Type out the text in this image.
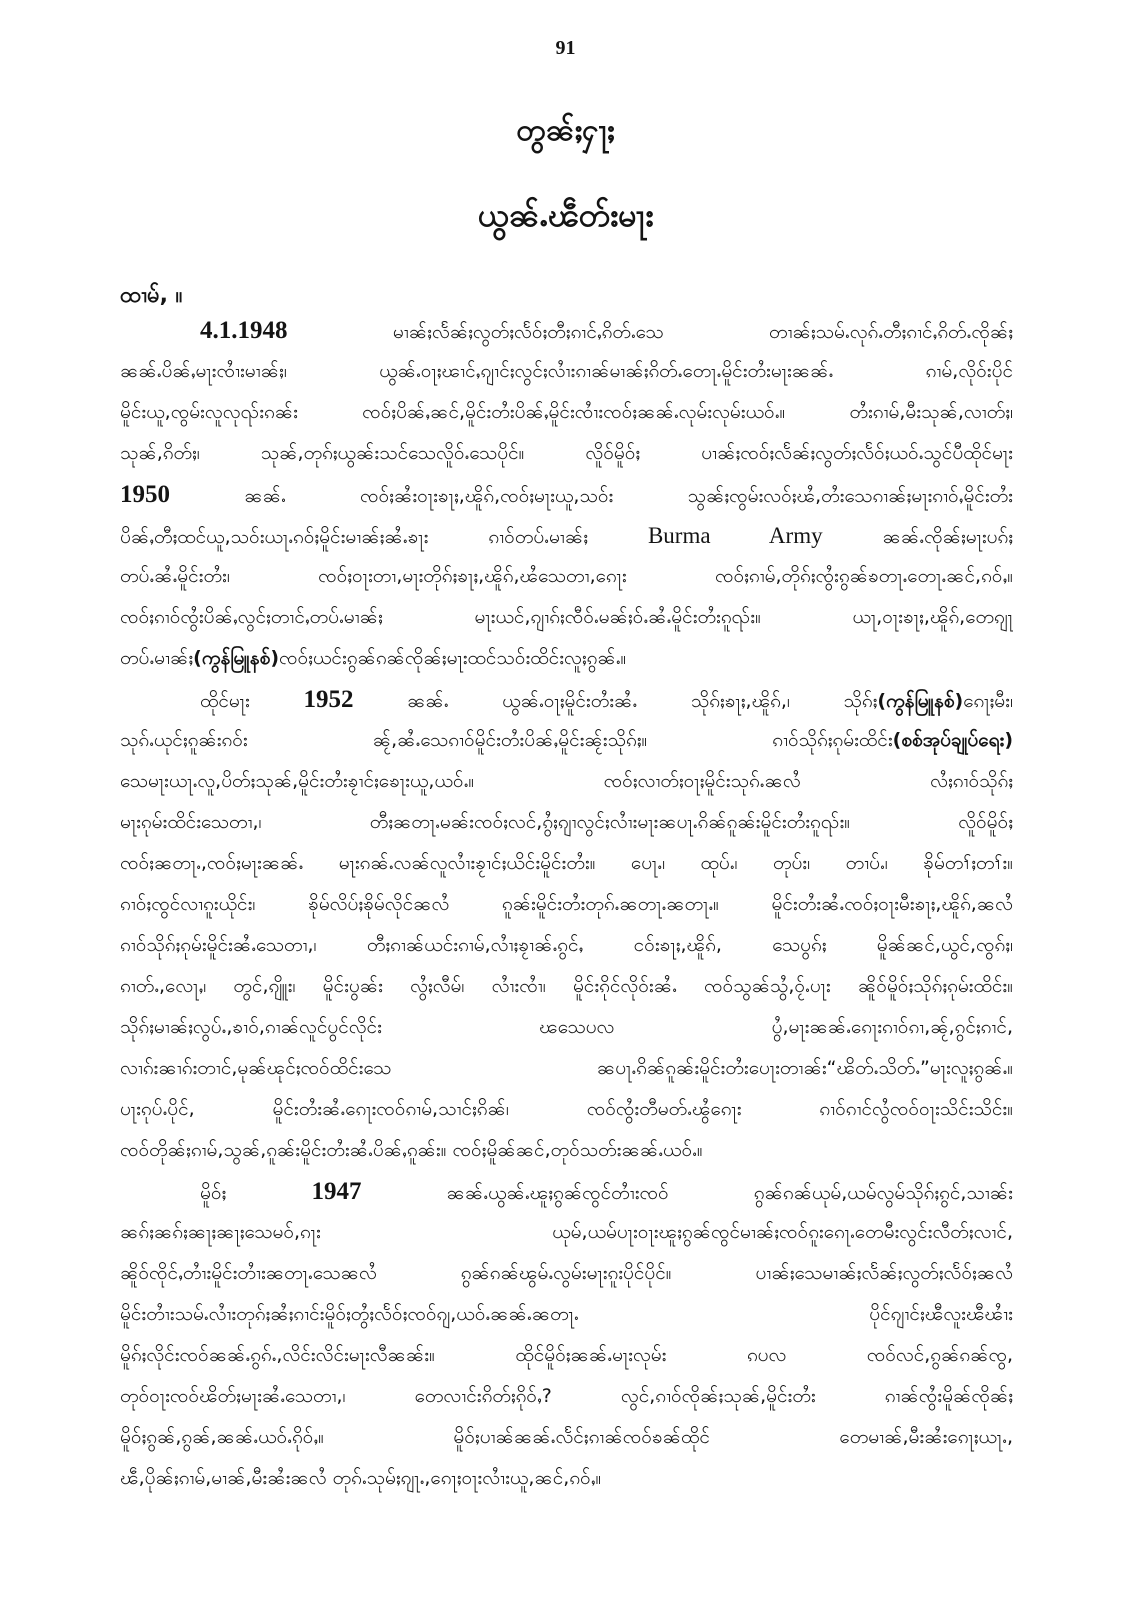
91
တွၼ်ႈႁႃႈ
ယွၼ်ႉၽဵတ်းမႃး
ထၢမ်, ။
4.1.1948 မၢၼ်ႈလႅၼ်ႈလွတ်ႈလႅဝ်ႈတီႈၵၢင်ႇၵိတ်ႉသေ တၢၼ်ႈသမ်ႉလုၵ်ႉတီႈၵၢင်ႇၵိတ်ႉၸိုၼ်ႈ
ၼၼ်ႉပိၼ်ႇမႃးၸၢႆးမၢၼ်ႈ၊ ယွၼ်ႉဝႃႈၽၢင်ႇၵျၢင်ႈလွင်ႈလၢႆးၵၢၼ်မၢၼ်ႈၵိတ်ႉတေႃႉမိူင်းတႆးမႃးၼၼ်ႉ ၵၢမ်,လိုဝ်းပိုင်
မိူင်းယူ,ၸွမ်းလူလုၺ်းၵၼ်း ၸဝ်ႈပိၼ်ႇၼင်,မိူင်းတႆးပိၼ်ႇမိူင်းၸၢႆးၸဝ်ႈၼၼ်ႉလုမ်းလုမ်းယဝ်ႉ။ တႆးၵၢမ်,မီးသုၼ်,လၢတ်ႈ၊
သုၼ်,ၵိတ်ႈ၊ သုၼ်,တုၵ်ႈယွၼ်းသင်သေလိူဝ်ႉသေပိုင်။ လိူဝ်မိူဝ်ႈ ပၢၼ်ႈၸဝ်ႈလႅၼ်ႈလွတ်ႈလႅဝ်ႈယဝ်ႉသွင်ပီထိုင်မႃး
1950 ၼၼ်ႉ ၸဝ်ႈၼႆးဝႃးၶႃႈ,ၽိူၵ်,ၸဝ်ႈမႃးယူ,သဝ်း သွၼ်ႈၸွမ်းလဝ်ႈၽႆ,တႆးသေၵၢၼ်ႈမႃးၵၢဝ်ႇမိူင်းတႆး
ပိၼ်ႇတီႈထင်ယူ,သဝ်းယႃႉၵဝ်ႈမိူင်းမၢၼ်ႈၼႆႉၶႃး ၵၢဝ်တပ်ႉမၢၼ်ႈ Burma Army ၼၼ်ႉၸိုၼ်ႈမႃးပၵ်ႈ
တပ်ႉၼႆႉမိူင်းတႆး၊ ၸဝ်ႈဝႃးတၢ,မႃးတိုၵ်ႈၶႃႈ,ၽိူၵ်,ၽႆသေတၢ,ၵေႃး ၸဝ်ႈၵၢမ်,တိုၵ်ႈၸွႆးၵွၼ်ၶတႃႉတေႃႉၼင်,ၵဝ်ႇ။
ၸဝ်ႈၵၢဝ်ၸွႆးပိၼ်ႇလွင်ႈတၢင်ႇတပ်ႉမၢၼ်ႈ မႃးယင်,ၵျၢၵ်ႈၸီဝ်ႉမၼ်ႈဝ်ႉၼႆႉမိူင်းတႆးၵူၺ်း။ ယႃ,ဝႃးၶႃႈ,ၽိူၵ်,တေၵျႃ
တပ်ႉမၢၼ်ႈ(ကွန်မြူနစ်)ၸဝ်ႈယင်းၵွၼ်ၵၼ်ၸိုၼ်ႈမႃးထင်သဝ်းထိင်းလူႈၵွၼ်ႉ။
ထိုင်မႃး 1952 ၼၼ်ႉ ယွၼ်ႉဝႃႈမိူင်းတႆးၼႆႉ သိုၵ်ႈၶႃႈ,ၽိူၵ်,၊ သိုၵ်ႈ(ကွန်မြူနစ်)ၵေႃႈမီး၊
သုၵ်ႉယုင်ႈၵူၼ်းၵဝ်း ၼႂ်,ၼႆႉသေၵၢဝ်မိူင်းတႆးပိၼ်ႇမိူင်းၼႂ်းသိုၵ်ႈ။ ၵၢဝ်သိုၵ်ႈၵုမ်းထိင်း(စစ်အုပ်ချုပ်ရေး)
သေမႃးယႃႉလူ,ပိတ်ႈသုၼ်,မိူင်းတႆးၶႂၢင်ႈၶေႃးယူ,ယဝ်ႉ။ ၸဝ်ႈလၢတ်ႈဝႃႈမိူင်းသုၵ်ႉၼလႆ လႆႈၵၢဝ်သိုၵ်ႈ
မႃးၵုမ်းထိင်းသေတၢ,၊ တီႈၼတႃႉမၼ်းၸဝ်ႈလင်,ၵွႆႈၵျၢလွင်ႈလၢႆးမႃးၼပႃႉၵိၼ်ၵူၼ်းမိူင်းတႆးၵူၺ်း။ လိူဝ်မိူဝ်ႈ
ၸဝ်ႈၼတႃႉ,ၸဝ်ႈမႃးၼၼ်ႉ မႃးၵၼ်ႉလၼ်လူလၢႆးၶႂၢင်ႈယိင်းမိူင်းတႆး။ ပေႃႉ၊ ထုပ်ႉ၊ တုပ်း၊ တၢပ်ႉ၊ ၶိုမ်တၢ်ႈတၢ်း။
ၵၢဝ်ႈၸွင်လၢၵူးယိုင်း၊ ၶိုမ်လိပ်ႈၶိုမ်လိုင်ၼလႆ ၵူၼ်းမိူင်းတႆးတုၵ်ႉၼတႃႉၼတႃႉ။ မိူင်းတႆးၼႆႉၸဝ်ႈဝႃးမီးၶႃႈ,ၽိူၵ်,ၼလႆ
ၵၢဝ်သိုၵ်ႈၵုမ်းမိူင်းၼႆႉသေတၢ,၊ တီႈၵၢၼ်ယင်းၵၢမ်,လၢႆႈၶႂၢၼ်ႉၵွင်ႇ ငဝ်းၶႃႈ,ၽိူၵ်, သေပွၵ်ႈ မိူၼ်ၼင်,ယွင်,ၸွၵ်ႈ၊
ၵၢတ်ႉ,လေႃႇ၊ တွင်,ၵျိူး၊ မိူင်းပွၼ်း လွႆႈလီမ်၊ လၢႆးၸၢႆ၊ မိူင်းၵိုင်လိုဝ်းၼႆႉ ၸဝ်သွၼ်သွႆ,ဝႂ်ႉပႃး ၼိူဝ်မိူဝ်ႈသိုၵ်ႈၵုမ်းထိင်း။
သိုၵ်ႈမၢၼ်ႈလွပ်ႉ,ၶၢဝ်,ၵၢၼ်လူင်ပွင်လိုင်း ၽသေပလ ပွႆ,မႃးၼၼ်ႉၵေႃးၵၢဝ်ၵၢ,ၼႂ်,ၵွင်ႈၵၢင်,
လၢၵ်းၼၢၵ်းတၢင်,မုၼ်ၽုင်ႈၸဝ်ထိင်းသေ ၼပႃႉၵိၼ်ၵူၼ်းမိူင်းတႆးပေႃးတၢၼ်း“ၽိတ်ႉသိတ်ႉ”မႃးလူႈၵွၼ်ႉ။
ပႃးၵုပ်ႉပိုင်, မိူင်းတႆးၼႆႉၵေႃးၸဝ်ၵၢမ်,သၢင်ႈၵိၼ်၊ ၸဝ်ၸွႆးတီမတ်ႉၽွႆၵေႃး ၵၢဝ်ၵၢင်လွႆၸဝ်ဝႃးသိင်းသိင်း။
ၸဝ်တိုၼ်ႈၵၢမ်,သွၼ်,ၵူၼ်းမိူင်းတႆးၼႆႉပိၼ်ႇၵူၼ်း။ ၸဝ်ႈမိူၼ်ၼင်,တုဝ်သတ်းၼၼ်ႉယဝ်ႉ။
မိူဝ်ႈ 1947 ၼၼ်ႉယွၼ်ႉၽူႈၵွၼ်ၸွင်တၢႆးၸဝ် ၵွၼ်ၵၼ်ယုမ်,ယမ်လွမ်သိုၵ်ႈၵွင်,သၢၼ်း
ၼၵ်ႈၼၵ်ႈၼႃႈၼႃႈသေမဝ်,ၵႃး ယုမ်,ယမ်ပႃးဝႃးၽူႈၵွၼ်ၸွင်မၢၼ်ႈၸဝ်ၵူးၵေႃႉတေမီးလွင်းလီတ်ႈလၢင်,
ၼိူဝ်ၸိုင်ႇတၢႆးမိူင်းတၢႆးၼတႃႉသေၼလႆ ၵွၼ်ၵၼ်ၽွမ်ႉလွမ်းမႃးၵူးပိုင်ပိုင်။ ပၢၼ်ႈသေမၢၼ်ႈလႅၼ်ႈလွတ်ႈလႅဝ်ႈၼလႆ
မိူင်းတၢႆးသမ်ႉလၢႆးတုၵ်ႈၼႆႈၵၢင်းမိူဝ်ႈတွႆႈလႅဝ်ႈၸဝ်ၵျ,ယဝ်ႉၼၼ်ႉၼတႃႉ ပိုင်ၵျၢင်ႈၽီလူးၽီၽၢႆး
မိူၵ်ႈလိုင်းၸဝ်ၼၼ်ႉၵွၵ်ႉ,လိင်းလိင်းမႃးလီၼၼ်း။ ထိုင်မိူဝ်ႈၼၼ်ႉမႃးလုမ်း ၵပလ ၸဝ်လင်,ၵွၼ်ၵၼ်ၸွ,
တုဝ်ဝႃးၸဝ်ၽိတ်ႈမႃးၼႆႉသေတၢ,၊ တေလၢင်းၵိတ်ႈၵိုဝ်ႇ? လွင်,ၵၢဝ်ၸိုၼ်ႈသုၼ်,မိူင်းတႆး ၵၢၼ်ၸွႆးမိူၼ်ၸိုၼ်ႈ
မိူဝ်ႈၵွၼ်,ၵွၼ်,ၼၼ်ႉယဝ်ႉၵိုဝ်ႇ။ မိူဝ်ႈပၢၼ်ၼၼ်ႉလႅင်ႈၵၢၼ်ၸဝ်ၶၼ်ထိုင် တေမၢၼ်,မီးၼႆးၵေႃႈယႃႉ,
ၽဵ,ပိုၼ်ႈၵၢမ်,မၢၼ်,မီးၼႆးၼလႆ တုၵ်ႉသုမ်ႈၵျႃႉ,ၵေႃႈဝႃးလၢႆးယူ,ၼင်,ၵဝ်ႇ။
